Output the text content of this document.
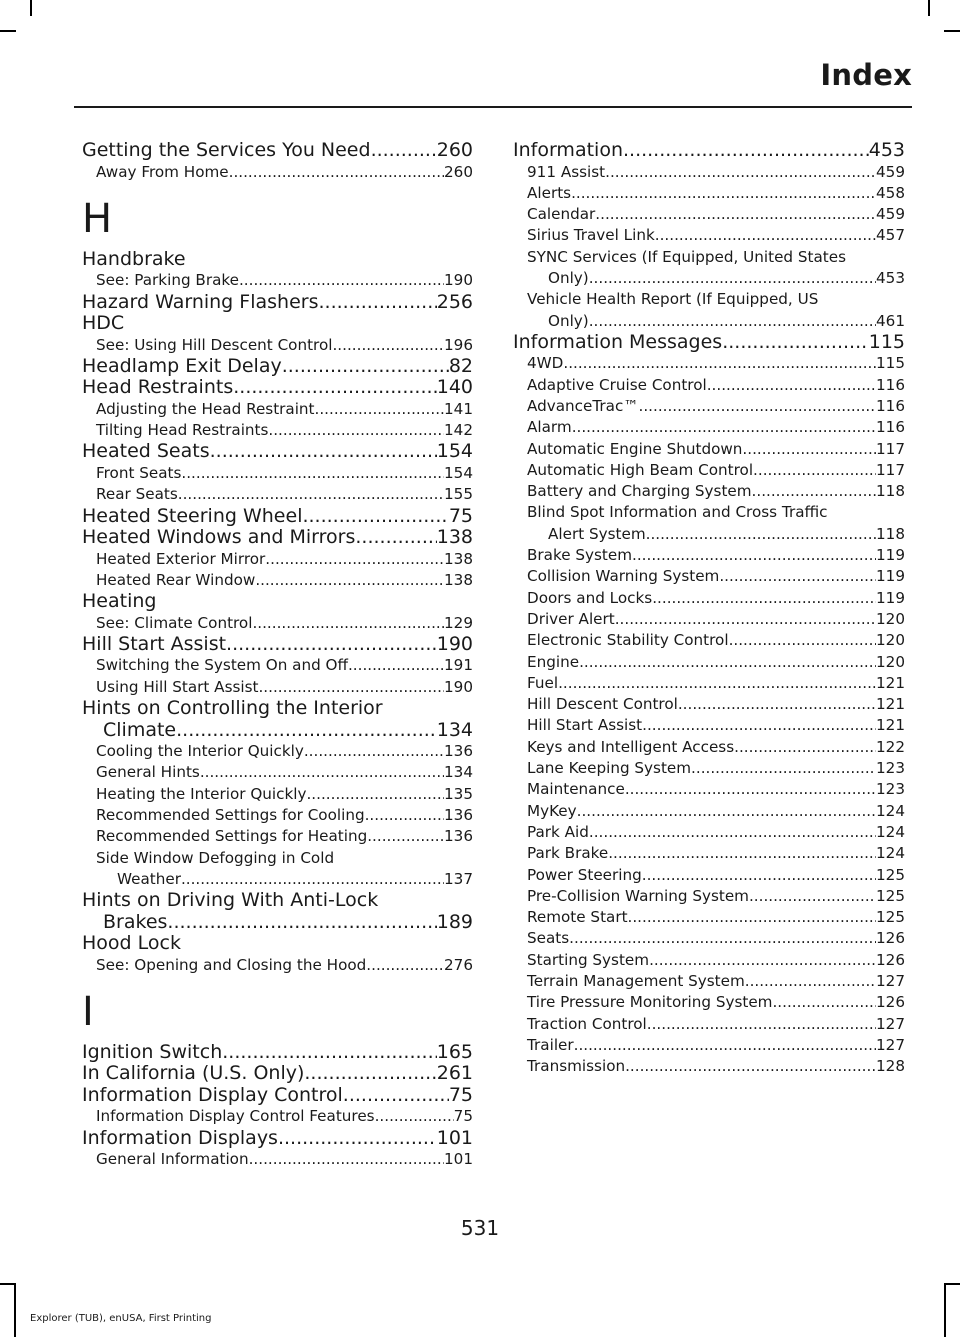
Index
Getting the Services You Need .....	260
Away From Home .....	260
H
Handbrake
See: Parking Brake .....	190
Hazard Warning Flashers .....	256
HDC
See: Using Hill Descent Control .....	196
Headlamp Exit Delay .....	82
Head Restraints .....	140
Adjusting the Head Restraint .....	141
Tilting Head Restraints .....	142
Heated Seats .....	154
Front Seats .....	154
Rear Seats .....	155
Heated Steering Wheel .....	75
Heated Windows and Mirrors .....	138
Heated Exterior Mirror .....	138
Heated Rear Window .....	138
Heating
See: Climate Control .....	129
Hill Start Assist .....	190
Switching the System On and Off .....	191
Using Hill Start Assist .....	190
Hints on Controlling the Interior
Climate .....	134
Cooling the Interior Quickly .....	136
General Hints .....	134
Heating the Interior Quickly .....	135
Recommended Settings for Cooling .....	136
Recommended Settings for Heating .....	136
Side Window Defogging in Cold
Weather .....	137
Hints on Driving With Anti-Lock
Brakes .....	189
Hood Lock
See: Opening and Closing the Hood .....	276
I
Ignition Switch .....	165
In California (U.S. Only) .....	261
Information Display Control .....	75
Information Display Control Features .....	75
Information Displays .....	101
General Information .....	101
Information .....	453
911 Assist .....	459
Alerts .....	458
Calendar .....	459
Sirius Travel Link .....	457
SYNC Services (If Equipped, United States
Only) .....	453
Vehicle Health Report (If Equipped, US
Only) .....	461
Information Messages .....	115
4WD .....	115
Adaptive Cruise Control .....	116
AdvanceTrac™ .....	116
Alarm .....	116
Automatic Engine Shutdown .....	117
Automatic High Beam Control .....	117
Battery and Charging System .....	118
Blind Spot Information and Cross Traffic
Alert System .....	118
Brake System .....	119
Collision Warning System .....	119
Doors and Locks .....	119
Driver Alert .....	120
Electronic Stability Control .....	120
Engine .....	120
Fuel .....	121
Hill Descent Control .....	121
Hill Start Assist .....	121
Keys and Intelligent Access .....	122
Lane Keeping System .....	123
Maintenance .....	123
MyKey .....	124
Park Aid .....	124
Park Brake .....	124
Power Steering .....	125
Pre-Collision Warning System .....	125
Remote Start .....	125
Seats .....	126
Starting System .....	126
Terrain Management System .....	127
Tire Pressure Monitoring System .....	126
Traction Control .....	127
Trailer .....	127
Transmission .....	128
531
Explorer (TUB), enUSA, First Printing
